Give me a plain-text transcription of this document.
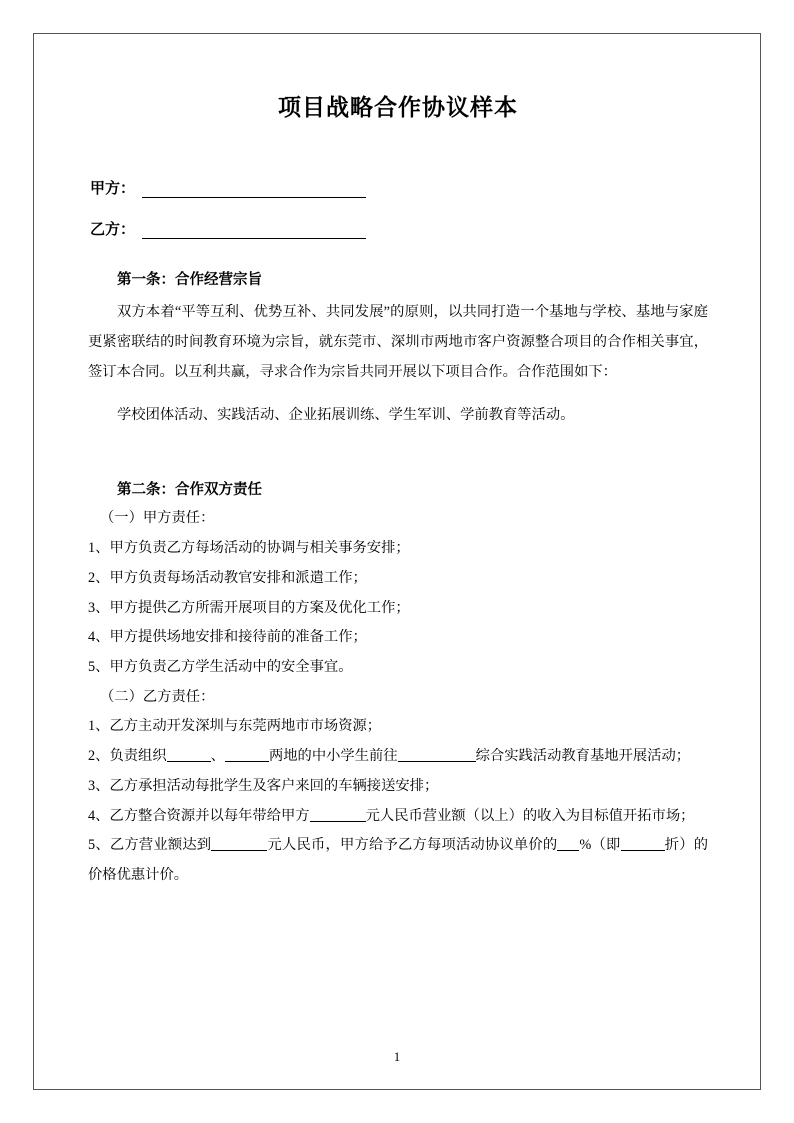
项目战略合作协议样本
甲方：
乙方：
第一条：合作经营宗旨

双方本着“平等互利、优势互补、共同发展”的原则，以共同打造一个基地与学校、基地与家庭更紧密联结的时间教育环境为宗旨，就东莞市、深圳市两地市客户资源整合项目的合作相关事宜，签订本合同。以互利共赢，寻求合作为宗旨共同开展以下项目合作。合作范围如下：

学校团体活动、实践活动、企业拓展训练、学生军训、学前教育等活动。
第二条：合作双方责任

（一）甲方责任：

1、甲方负责乙方每场活动的协调与相关事务安排；

2、甲方负责每场活动教官安排和派遣工作；

3、甲方提供乙方所需开展项目的方案及优化工作；

4、甲方提供场地安排和接待前的准备工作；

5、甲方负责乙方学生活动中的安全事宜。

（二）乙方责任：

1、乙方主动开发深圳与东莞两地市市场资源；

2、负责组织	、	两地的中小学生前往	综合实践活动教育基地开展活动；

3、乙方承担活动每批学生及客户来回的车辆接送安排；

4、乙方整合资源并以每年带给甲方	元人民币营业额（以上）的收入为目标值开拓市场；

5、乙方营业额达到	元人民币，甲方给予乙方每项活动协议单价的 %（即	折）的价格优惠计价。

1
